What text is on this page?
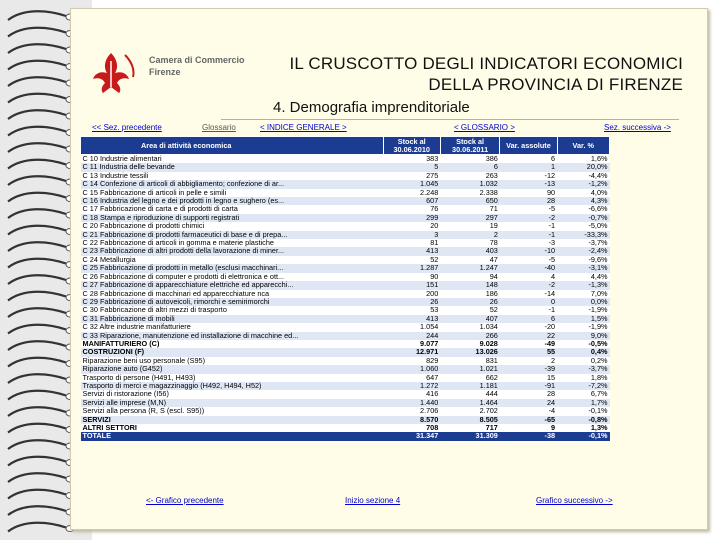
Camera di Commercio
Firenze	IL CRUSCOTTO DEGLI INDICATORI ECONOMICI
DELLA PROVINCIA DI FIRENZE
4. Demografia imprenditoriale
<< Sez. precedente	Glossario	< INDICE GENERALE >	< GLOSSARIO >	Sez. successiva ->
Area di attività economica	Stock al 30.06.2010	Stock al 30.06.2011	Var. assolute	Var. %
C 10 Industrie alimentari	383	386	6	1,6%
C 11 Industria delle bevande	5	6	1	20,0%
C 13 Industrie tessili	275	263	-12	-4,4%
C 14 Confezione di articoli di abbigliamento; confezione di ar...	1.045	1.032	-13	-1,2%
C 15 Fabbricazione di articoli in pelle e simili	2.248	2.338	90	4,0%
C 16 Industria del legno e dei prodotti in legno e sughero (es...	607	650	28	4,3%
C 17 Fabbricazione di carta e di prodotti di carta	76	71	-5	-6,6%
C 18 Stampa e riproduzione di supporti registrati	299	297	-2	-0,7%
C 20 Fabbricazione di prodotti chimici	20	19	-1	-5,0%
C 21 Fabbricazione di prodotti farmaceutici di base e di prepa...	3	2	-1	-33,3%
C 22 Fabbricazione di articoli in gomma e materie plastiche	81	78	-3	-3,7%
C 23 Fabbricazione di altri prodotti della lavorazione di miner...	413	403	-10	-2,4%
C 24 Metallurgia	52	47	-5	-9,6%
C 25 Fabbricazione di prodotti in metallo (esclusi macchinari...	1.287	1.247	-40	-3,1%
C 26 Fabbricazione di computer e prodotti di elettronica e ott...	90	94	4	4,4%
C 27 Fabbricazione di apparecchiature elettriche ed apparecchi...	151	148	-2	-1,3%
C 28 Fabbricazione di macchinari ed apparecchiature nca	200	186	-14	7,0%
C 29 Fabbricazione di autoveicoli, rimorchi e semirimorchi	26	26	0	0,0%
C 30 Fabbricazione di altri mezzi di trasporto	53	52	-1	-1,9%
C 31 Fabbricazione di mobili	413	407	6	1,5%
C 32 Altre industrie manifatturiere	1.054	1.034	-20	-1,9%
C 33 Riparazione, manutenzione ed installazione di macchine ed...	244	266	22	9,0%
MANIFATTURIERO (C)	9.077	9.028	-49	-0,5%
COSTRUZIONI (F)	12.971	13.026	55	0,4%
Riparazione beni uso personale (S95)	829	831	2	0,2%
Riparazione auto (G452)	1.060	1.021	-39	-3,7%
Trasporto di persone (H491, H493)	647	662	15	1,8%
Trasporto di merci e magazzinaggio (H492, H494, H52)	1.272	1.181	-91	-7,2%
Servizi di ristorazione (I56)	416	444	28	6,7%
Servizi alle imprese (M,N)	1.440	1.464	24	1,7%
Servizi alla persona (R, S (escl. S95))	2.706	2.702	-4	-0,1%
SERVIZI	8.570	8.505	-65	-0,8%
ALTRI SETTORI	708	717	9	1,3%
TOTALE	31.347	31.309	-38	-0,1%
<- Grafico precedente	Inizio sezione 4	Grafico successivo ->
